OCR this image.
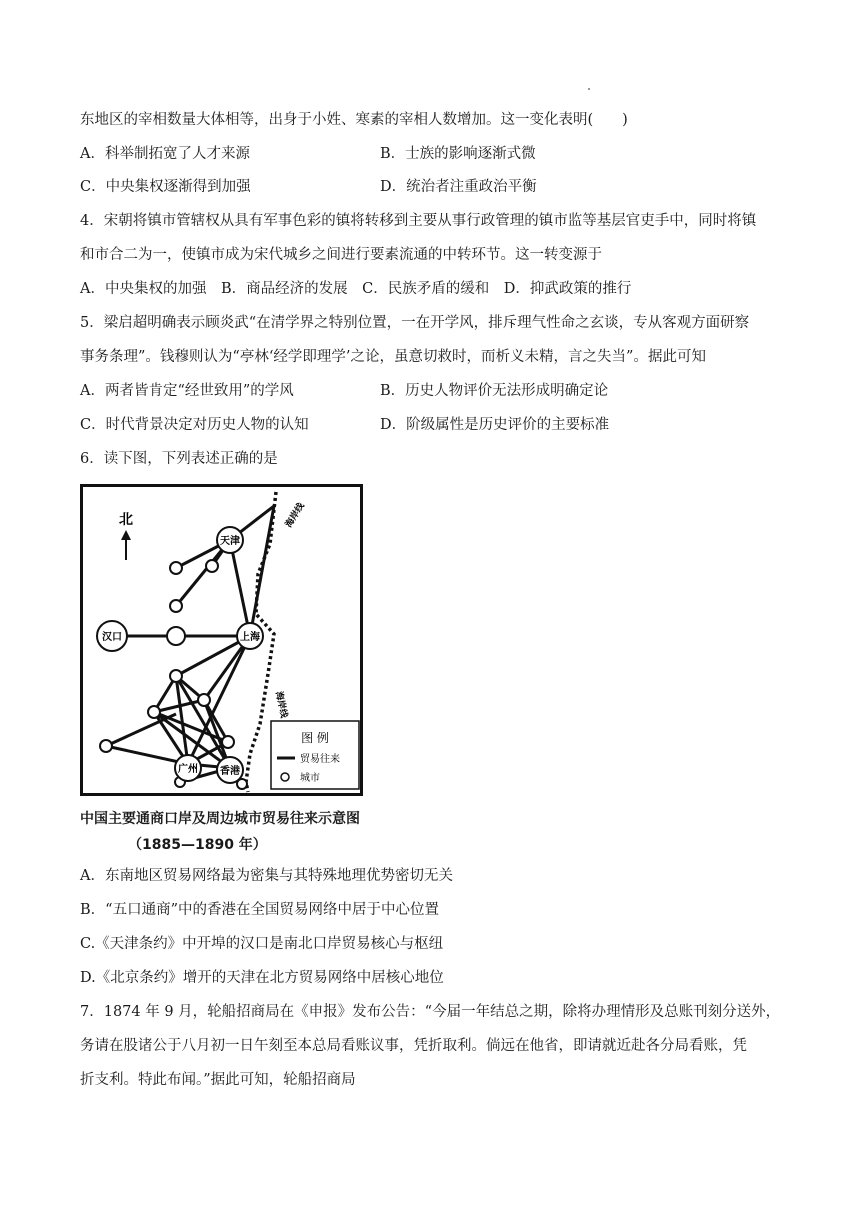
东地区的宰相数量大体相等，出身于小姓、寒素的宰相人数增加。这一变化表明(　　)
A．科举制拓宽了人才来源	B．士族的影响逐渐式微
C．中央集权逐渐得到加强	D．统治者注重政治平衡
4．宋朝将镇市管辖权从具有军事色彩的镇将转移到主要从事行政管理的镇市监等基层官吏手中，同时将镇
和市合二为一，使镇市成为宋代城乡之间进行要素流通的中转环节。这一转变源于
A．中央集权的加强　B．商品经济的发展　C．民族矛盾的缓和　D．抑武政策的推行
5．梁启超明确表示顾炎武“在清学界之特别位置，一在开学风，排斥理气性命之玄谈，专从客观方面研察
事务条理”。钱穆则认为“亭林‘经学即理学’之论，虽意切救时，而析义未精，言之失当”。据此可知
A．两者皆肯定“经世致用”的学风	B．历史人物评价无法形成明确定论
C．时代背景决定对历史人物的认知	D．阶级属性是历史评价的主要标准
6．读下图，下列表述正确的是
北	海岸线
海岸线
天津
汉口	上海
广州 香港
图 例
贸易往来
城市
中国主要通商口岸及周边城市贸易往来示意图
（1885—1890 年）
A．东南地区贸易网络最为密集与其特殊地理优势密切无关
B．“五口通商”中的香港在全国贸易网络中居于中心位置
C.《天津条约》中开埠的汉口是南北口岸贸易核心与枢纽
D.《北京条约》增开的天津在北方贸易网络中居核心地位
7．1874 年 9 月，轮船招商局在《申报》发布公告：“今届一年结总之期，除将办理情形及总账刊刻分送外，
务请在股诸公于八月初一日午刻至本总局看账议事，凭折取利。倘远在他省，即请就近赴各分局看账，凭
折支利。特此布闻。”据此可知，轮船招商局
